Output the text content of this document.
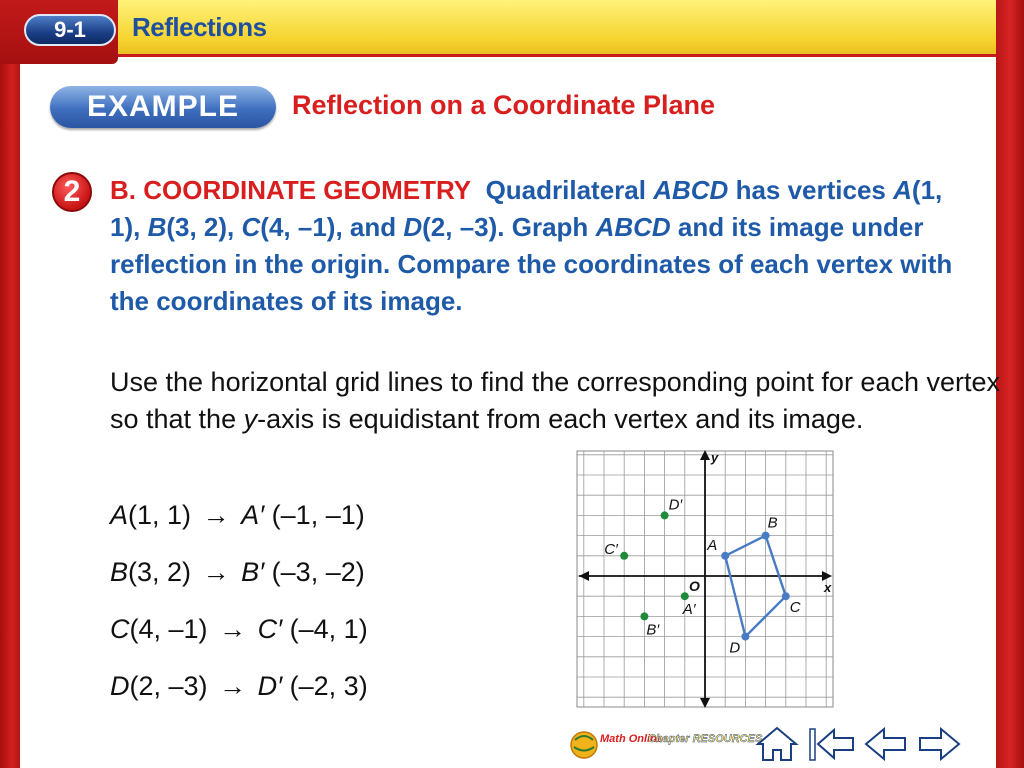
9-1	Reflections
EXAMPLE	Reflection on a Coordinate Plane
2	B. COORDINATE GEOMETRY Quadrilateral ABCD has vertices A(1, 1), B(3, 2), C(4, –1), and D(2, –3). Graph ABCD and its image under reflection in the origin. Compare the coordinates of each vertex with the coordinates of its image.
Use the horizontal grid lines to find the corresponding point for each vertex so that the y-axis is equidistant from each vertex and its image.
A(1, 1) → A′ (–1, –1)
B(3, 2) → B′ (–3, –2)
C(4, –1) → C′ (–4, 1)
D(2, –3) → D′ (–2, 3)
x
y
O
A
B
C
D
A′
B′
C′
D′
Math Online
Chapter RESOURCES
